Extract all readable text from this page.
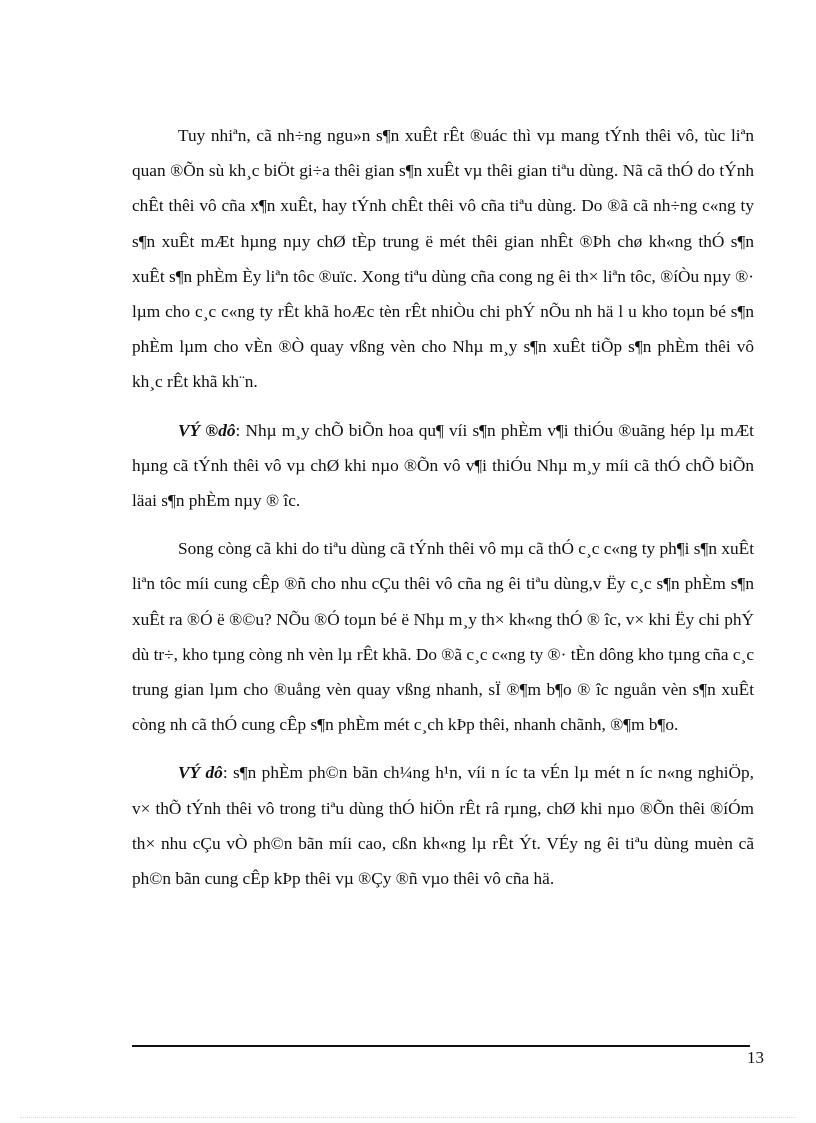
Tuy nhiªn, cã nh÷ng ngu»n s¶n xuÊt rÊt ®uác thì vµ mang tÝnh thêi vô, tùc liªn quan ®Õn sù kh¸c biÖt gi÷a thêi gian s¶n xuÊt vµ thêi gian tiªu dùng. Nã cã thÓ do tÝnh chÊt thêi vô cña x¶n xuÊt, hay tÝnh chÊt thêi vô cña tiªu dùng. Do ®ã cã nh÷ng c«ng ty s¶n xuÊt mÆt hµng nµy chØ tÈp trung ë mét thêi gian nhÊt ®Þh chø kh«ng thÓ s¶n xuÊt s¶n phÈm Èy liªn tôc ®uïc. Xong tiªu dùng cña cong ng êi th× liªn tôc, ®íÒu nµy ®· lµm cho c¸c c«ng ty rÊt khã hoÆc tèn rÊt nhiÒu chi phÝ nÕu nh hä l u kho toµn bé s¶n phÈm lµm cho vÈn ®Ò quay vßng vèn cho Nhµ m¸y s¶n xuÊt tiÕp s¶n phÈm thêi vô kh¸c rÊt khã kh¨n.

VÝ ®dô: Nhµ m¸y chÕ biÕn hoa qu¶ víi s¶n phÈm v¶i thiÓu ®uãng hép lµ mÆt hµng cã tÝnh thêi vô vµ chØ khi nµo ®Õn vô v¶i thiÓu Nhµ m¸y míi cã thÓ chÕ biÕn läai s¶n phÈm nµy ® îc.

Song còng cã khi do tiªu dùng cã tÝnh thêi vô mµ cã thÓ c¸c c«ng ty ph¶i s¶n xuÊt liªn tôc míi cung cÊp ®ñ cho nhu cÇu thêi vô cña ng êi tiªu dùng,v Ëy c¸c s¶n phÈm s¶n xuÊt ra ®Ó ë ®©u? NÕu ®Ó toµn bé ë Nhµ m¸y th× kh«ng thÓ ® îc, v× khi Ëy chi phÝ dù tr÷, kho tµng còng nh vèn lµ rÊt khã. Do ®ã c¸c c«ng ty ®· tÈn dông kho tµng cña c¸c trung gian lµm cho ®uång vèn quay vßng nhanh, sÏ ®¶m b¶o ® îc nguån vèn s¶n xuÊt còng nh cã thÓ cung cÊp s¶n phÈm mét c¸ch kÞp thêi, nhanh chãnh, ®¶m b¶o.

VÝ dô: s¶n phÈm ph©n bãn ch¼ng h¹n, víi n íc ta vÉn lµ mét n íc n«ng nghiÖp, v× thÕ tÝnh thêi vô trong tiªu dùng thÓ hiÖn rÊt râ rµng, chØ khi nµo ®Õn thêi ®íÓm th× nhu cÇu vÒ ph©n bãn míi cao, cßn kh«ng lµ rÊt Ýt. VÉy ng êi tiªu dùng muèn cã ph©n bãn cung cÊp kÞp thêi vµ ®Çy ®ñ vµo thêi vô cña hä.

13
